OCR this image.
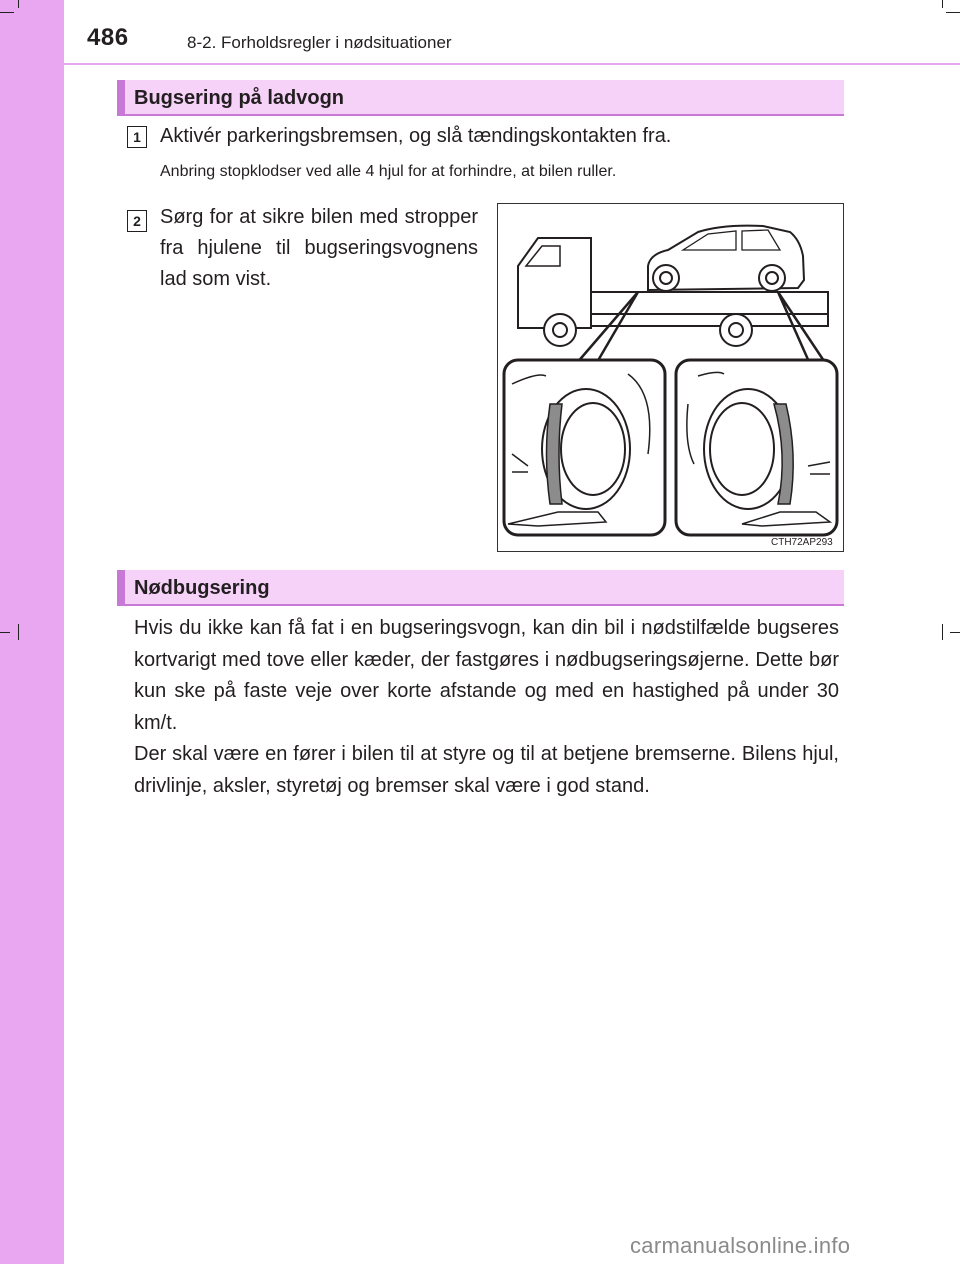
486	8-2. Forholdsregler i nødsituationer
Bugsering på ladvogn
1 Aktivér parkeringsbremsen, og slå tændingskontakten fra.
Anbring stopklodser ved alle 4 hjul for at forhindre, at bilen ruller.
2 Sørg for at sikre bilen med stropper fra hjulene til bugseringsvognens lad som vist.
CTH72AP293
Nødbugsering
Hvis du ikke kan få fat i en bugseringsvogn, kan din bil i nødstilfælde bugseres kortvarigt med tove eller kæder, der fastgøres i nødbugseringsøjerne. Dette bør kun ske på faste veje over korte afstande og med en hastighed på under 30 km/t.
Der skal være en fører i bilen til at styre og til at betjene bremserne. Bilens hjul, drivlinje, aksler, styretøj og bremser skal være i god stand.
carmanualsonline.info
